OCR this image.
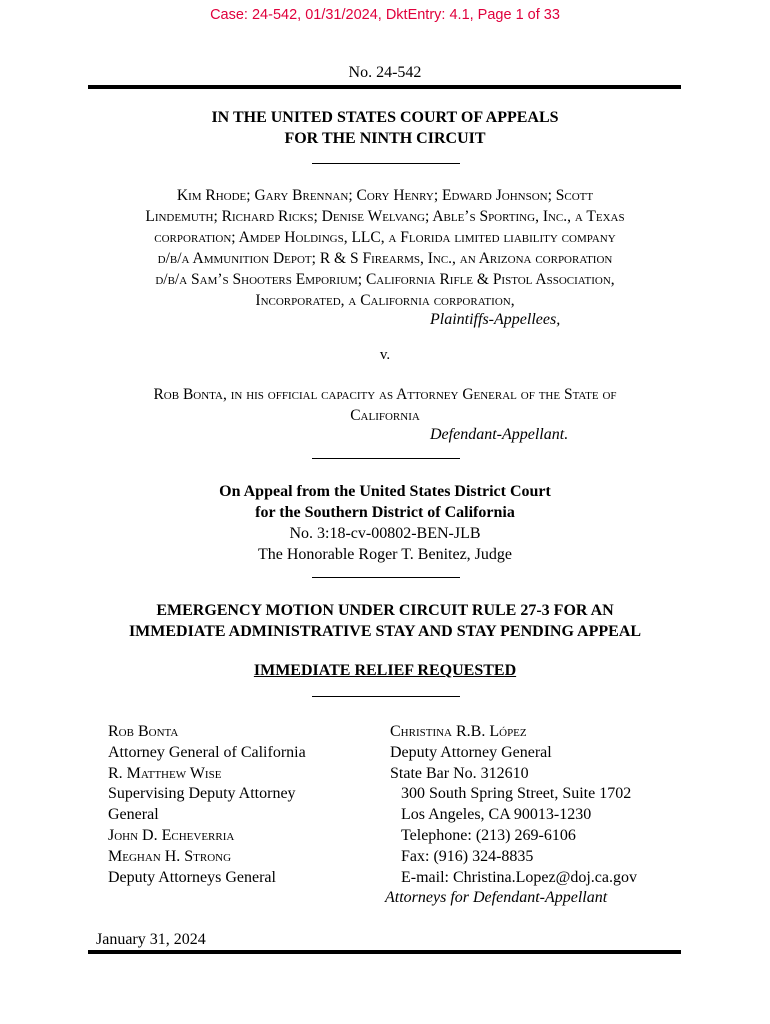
Case: 24-542, 01/31/2024, DktEntry: 4.1, Page 1 of 33
No. 24-542
IN THE UNITED STATES COURT OF APPEALS
FOR THE NINTH CIRCUIT
Kim Rhode; Gary Brennan; Cory Henry; Edward Johnson; Scott
Lindemuth; Richard Ricks; Denise Welvang; Able’s Sporting, Inc., a Texas
corporation; Amdep Holdings, LLC, a Florida limited liability company
d/b/a Ammunition Depot; R & S Firearms, Inc., an Arizona corporation
d/b/a Sam’s Shooters Emporium; California Rifle & Pistol Association,
Incorporated, a California corporation,
Plaintiffs-Appellees,
v.
Rob Bonta, in his official capacity as Attorney General of the State of
California
Defendant-Appellant.
On Appeal from the United States District Court
for the Southern District of California
No. 3:18-cv-00802-BEN-JLB
The Honorable Roger T. Benitez, Judge
EMERGENCY MOTION UNDER CIRCUIT RULE 27-3 FOR AN
IMMEDIATE ADMINISTRATIVE STAY AND STAY PENDING APPEAL
IMMEDIATE RELIEF REQUESTED
Rob Bonta
Attorney General of California
R. Matthew Wise
Supervising Deputy Attorney
General
John D. Echeverria
Meghan H. Strong
Deputy Attorneys General
Christina R.B. López
Deputy Attorney General
State Bar No. 312610
300 South Spring Street, Suite 1702
Los Angeles, CA 90013-1230
Telephone: (213) 269-6106
Fax: (916) 324-8835
E-mail: Christina.Lopez@doj.ca.gov
Attorneys for Defendant-Appellant
January 31, 2024
